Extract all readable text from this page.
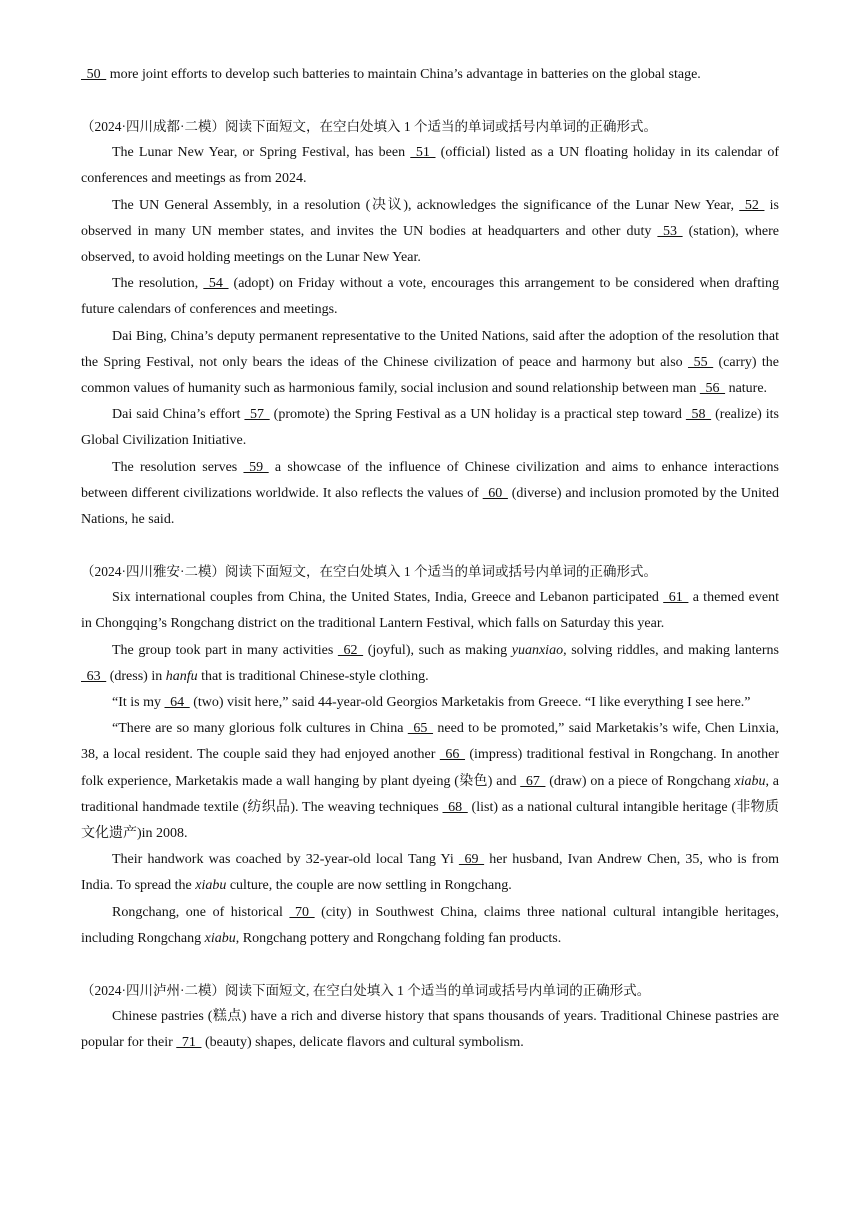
  50   more joint efforts to develop such batteries to maintain China’s advantage in batteries on the global stage.

（2024·四川成都·二模）阅读下面短文，在空白处填入 1 个适当的单词或括号内单词的正确形式。

The Lunar New Year, or Spring Festival, has been   51   (official) listed as a UN floating holiday in its calendar of conferences and meetings as from 2024.

The UN General Assembly, in a resolution (决议), acknowledges the significance of the Lunar New Year,   52   is observed in many UN member states, and invites the UN bodies at headquarters and other duty   53   (station), where observed, to avoid holding meetings on the Lunar New Year.

The resolution,   54   (adopt) on Friday without a vote, encourages this arrangement to be considered when drafting future calendars of conferences and meetings.

Dai Bing, China’s deputy permanent representative to the United Nations, said after the adoption of the resolution that the Spring Festival, not only bears the ideas of the Chinese civilization of peace and harmony but also   55   (carry) the common values of humanity such as harmonious family, social inclusion and sound relationship between man   56   nature.

Dai said China’s effort   57   (promote) the Spring Festival as a UN holiday is a practical step toward   58   (realize) its Global Civilization Initiative.

The resolution serves   59   a showcase of the influence of Chinese civilization and aims to enhance interactions between different civilizations worldwide. It also reflects the values of   60   (diverse) and inclusion promoted by the United Nations, he said.

（2024·四川雅安·二模）阅读下面短文，在空白处填入 1 个适当的单词或括号内单词的正确形式。

Six international couples from China, the United States, India, Greece and Lebanon participated   61   a themed event in Chongqing’s Rongchang district on the traditional Lantern Festival, which falls on Saturday this year.

The group took part in many activities   62   (joyful), such as making yuanxiao, solving riddles, and making lanterns   63   (dress) in hanfu that is traditional Chinese-style clothing.

“It is my   64   (two) visit here,” said 44-year-old Georgios Marketakis from Greece. “I like everything I see here.”

“There are so many glorious folk cultures in China   65   need to be promoted,” said Marketakis’s wife, Chen Linxia, 38, a local resident. The couple said they had enjoyed another   66   (impress) traditional festival in Rongchang. In another folk experience, Marketakis made a wall hanging by plant dyeing (染色) and   67   (draw) on a piece of Rongchang xiabu, a traditional handmade textile (纺织品). The weaving techniques   68   (list) as a national cultural intangible heritage (非物质文化遗产)in 2008.

Their handwork was coached by 32-year-old local Tang Yi   69   her husband, Ivan Andrew Chen, 35, who is from India. To spread the xiabu culture, the couple are now settling in Rongchang.

Rongchang, one of historical   70   (city) in Southwest China, claims three national cultural intangible heritages, including Rongchang xiabu, Rongchang pottery and Rongchang folding fan products.

（2024·四川泸州·二模）阅读下面短文, 在空白处填入 1 个适当的单词或括号内单词的正确形式。

Chinese pastries (糕点) have a rich and diverse history that spans thousands of years. Traditional Chinese pastries are popular for their   71   (beauty) shapes, delicate flavors and cultural symbolism.
